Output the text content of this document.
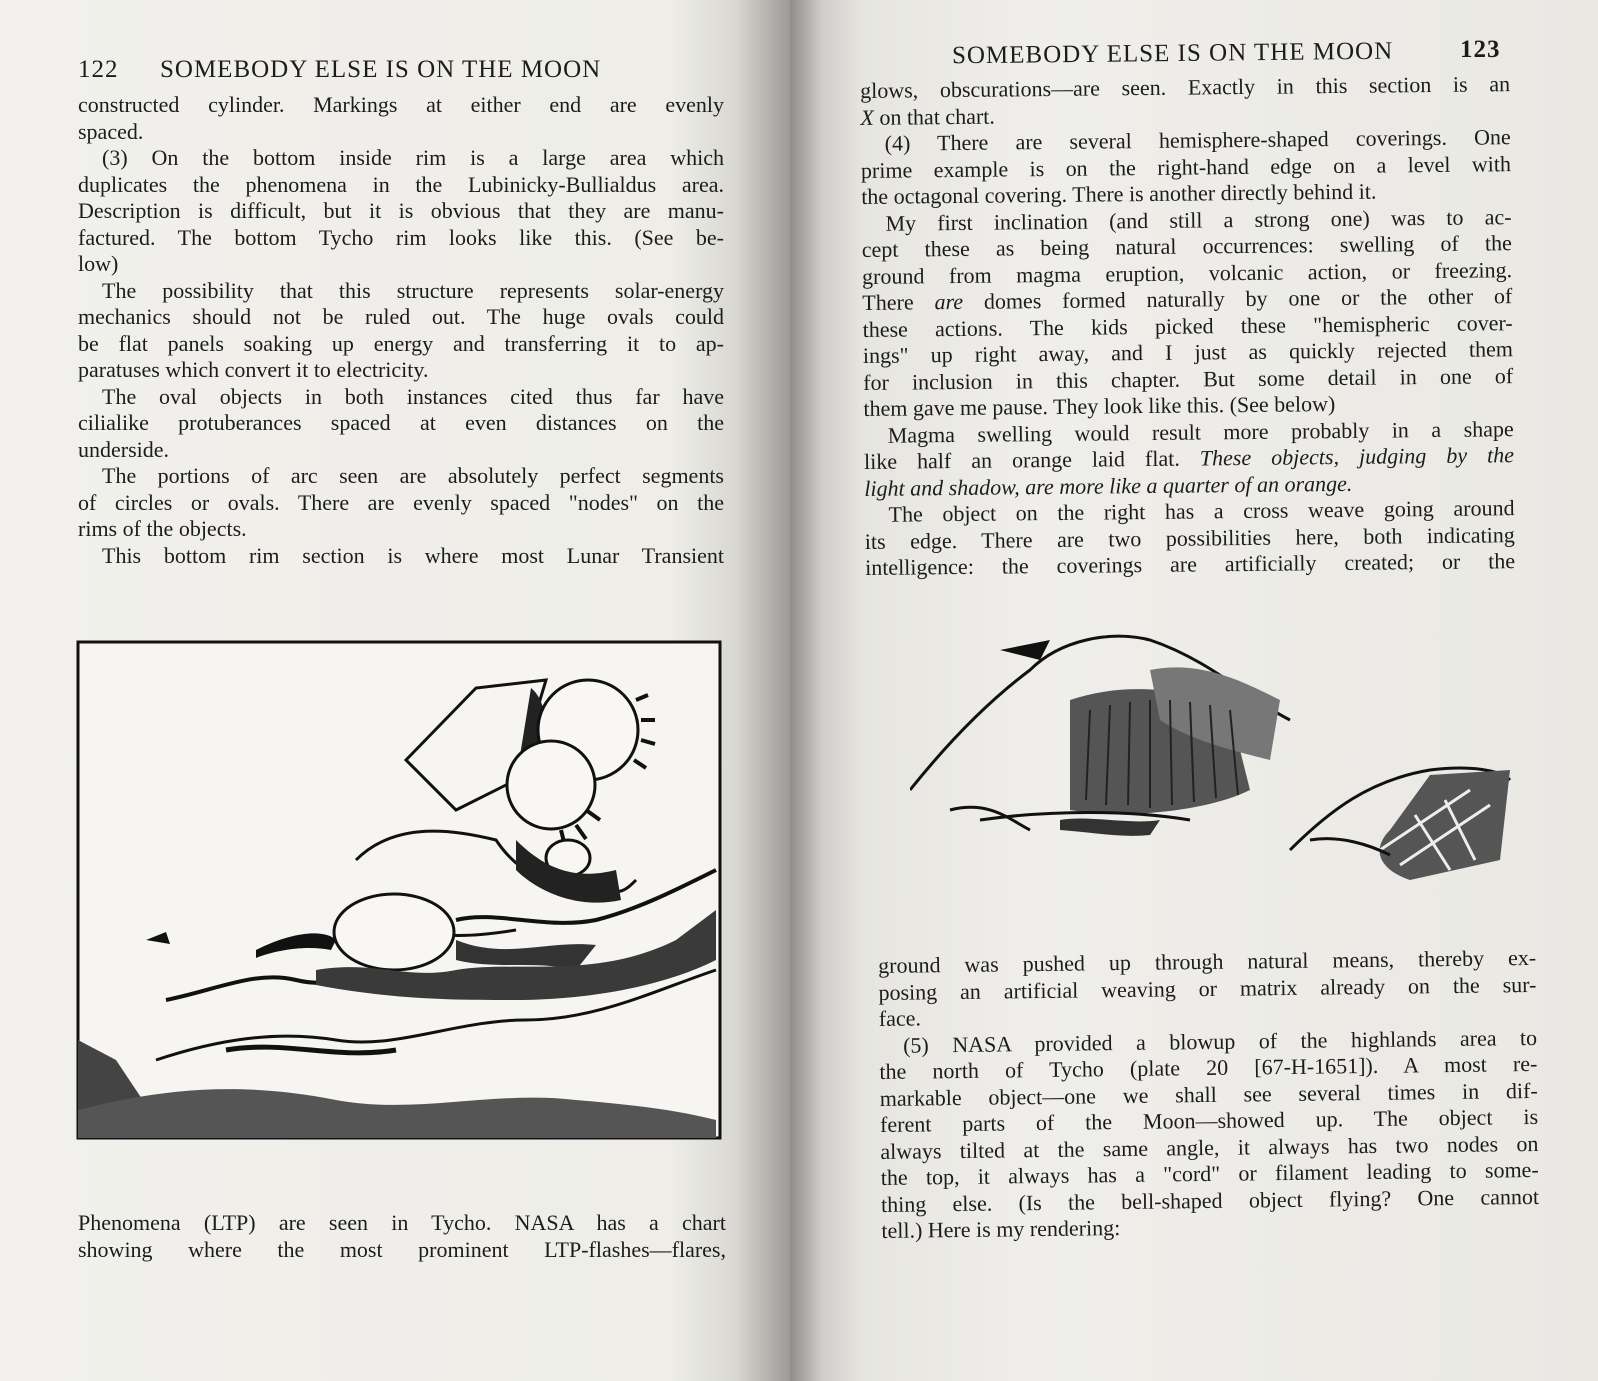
122 SOMEBODY ELSE IS ON THE MOON
constructed cylinder. Markings at either end are evenly
spaced.
(3) On the bottom inside rim is a large area which
duplicates the phenomena in the Lubinicky-Bullialdus area.
Description is difficult, but it is obvious that they are manu-
factured. The bottom Tycho rim looks like this. (See be-
low)
The possibility that this structure represents solar-energy
mechanics should not be ruled out. The huge ovals could
be flat panels soaking up energy and transferring it to ap-
paratuses which convert it to electricity.
The oval objects in both instances cited thus far have
cilialike protuberances spaced at even distances on the
underside.
The portions of arc seen are absolutely perfect segments
of circles or ovals. There are evenly spaced "nodes" on the
rims of the objects.
This bottom rim section is where most Lunar Transient
Phenomena (LTP) are seen in Tycho. NASA has a chart
showing where the most prominent LTP-flashes—flares,
SOMEBODY ELSE IS ON THE MOON	123
glows, obscurations—are seen. Exactly in this section is an
X on that chart.
(4) There are several hemisphere-shaped coverings. One
prime example is on the right-hand edge on a level with
the octagonal covering. There is another directly behind it.
My first inclination (and still a strong one) was to ac-
cept these as being natural occurrences: swelling of the
ground from magma eruption, volcanic action, or freezing.
There are domes formed naturally by one or the other of
these actions. The kids picked these "hemispheric cover-
ings" up right away, and I just as quickly rejected them
for inclusion in this chapter. But some detail in one of
them gave me pause. They look like this. (See below)
Magma swelling would result more probably in a shape
like half an orange laid flat. These objects, judging by the
light and shadow, are more like a quarter of an orange.
The object on the right has a cross weave going around
its edge. There are two possibilities here, both indicating
intelligence: the coverings are artificially created; or the
ground was pushed up through natural means, thereby ex-
posing an artificial weaving or matrix already on the sur-
face.
(5) NASA provided a blowup of the highlands area to
the north of Tycho (plate 20 [67-H-1651]). A most re-
markable object—one we shall see several times in dif-
ferent parts of the Moon—showed up. The object is
always tilted at the same angle, it always has two nodes on
the top, it always has a "cord" or filament leading to some-
thing else. (Is the bell-shaped object flying? One cannot
tell.) Here is my rendering:
